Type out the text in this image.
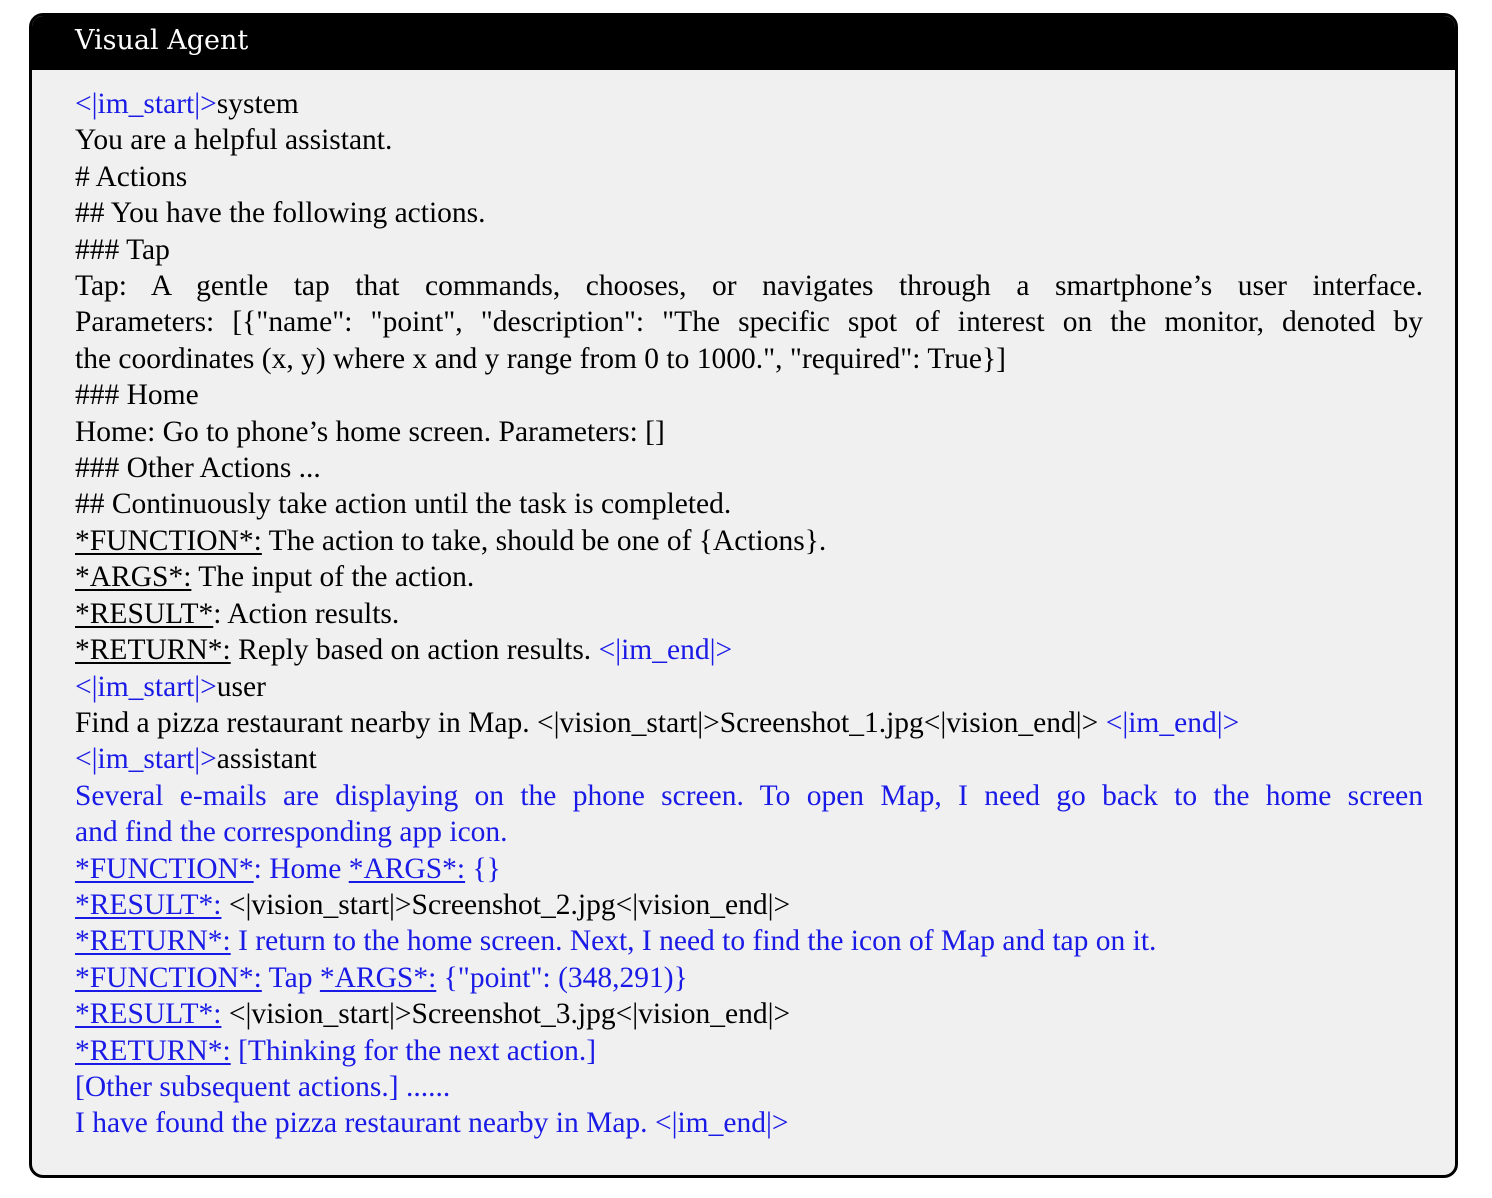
Visual Agent
<|im_start|>system
You are a helpful assistant.
# Actions
## You have the following actions.
### Tap
Tap: A gentle tap that commands, chooses, or navigates through a smartphone’s user interface.
Parameters: [{"name": "point", "description": "The specific spot of interest on the monitor, denoted by
the coordinates (x, y) where x and y range from 0 to 1000.", "required": True}]
### Home
Home: Go to phone’s home screen. Parameters: []
### Other Actions ...
## Continuously take action until the task is completed.
*FUNCTION*: The action to take, should be one of {Actions}.
*ARGS*: The input of the action.
*RESULT*: Action results.
*RETURN*: Reply based on action results. <|im_end|>
<|im_start|>user
Find a pizza restaurant nearby in Map. <|vision_start|>Screenshot_1.jpg<|vision_end|> <|im_end|>
<|im_start|>assistant
Several e-mails are displaying on the phone screen. To open Map, I need go back to the home screen
and find the corresponding app icon.
*FUNCTION*: Home *ARGS*: {}
*RESULT*: <|vision_start|>Screenshot_2.jpg<|vision_end|>
*RETURN*: I return to the home screen. Next, I need to find the icon of Map and tap on it.
*FUNCTION*: Tap *ARGS*: {"point": (348,291)}
*RESULT*: <|vision_start|>Screenshot_3.jpg<|vision_end|>
*RETURN*: [Thinking for the next action.]
[Other subsequent actions.] ......
I have found the pizza restaurant nearby in Map. <|im_end|>
